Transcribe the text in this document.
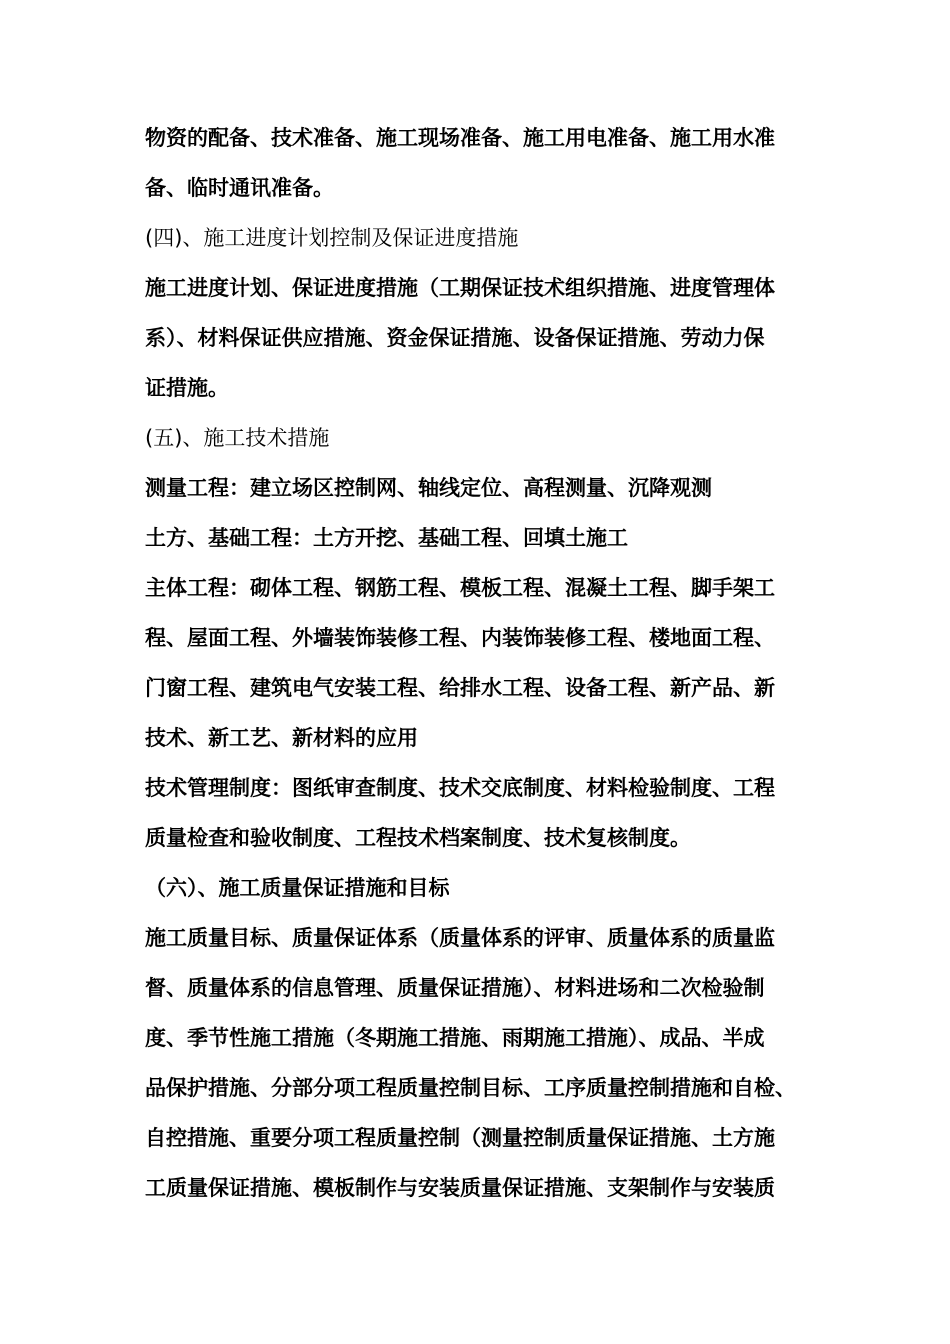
物资的配备、技术准备、施工现场准备、施工用电准备、施工用水准
备、临时通讯准备。
(四)、施工进度计划控制及保证进度措施
施工进度计划、保证进度措施（工期保证技术组织措施、进度管理体
系）、材料保证供应措施、资金保证措施、设备保证措施、劳动力保
证措施。
(五)、施工技术措施
测量工程：建立场区控制网、轴线定位、高程测量、沉降观测
土方、基础工程：土方开挖、基础工程、回填土施工
主体工程：砌体工程、钢筋工程、模板工程、混凝土工程、脚手架工
程、屋面工程、外墙装饰装修工程、内装饰装修工程、楼地面工程、
门窗工程、建筑电气安装工程、给排水工程、设备工程、新产品、新
技术、新工艺、新材料的应用
技术管理制度：图纸审查制度、技术交底制度、材料检验制度、工程
质量检查和验收制度、工程技术档案制度、技术复核制度。
（六）、施工质量保证措施和目标
施工质量目标、质量保证体系（质量体系的评审、质量体系的质量监
督、质量体系的信息管理、质量保证措施）、材料进场和二次检验制
度、季节性施工措施（冬期施工措施、雨期施工措施）、成品、半成
品保护措施、分部分项工程质量控制目标、工序质量控制措施和自检、
自控措施、重要分项工程质量控制（测量控制质量保证措施、土方施
工质量保证措施、模板制作与安装质量保证措施、支架制作与安装质
